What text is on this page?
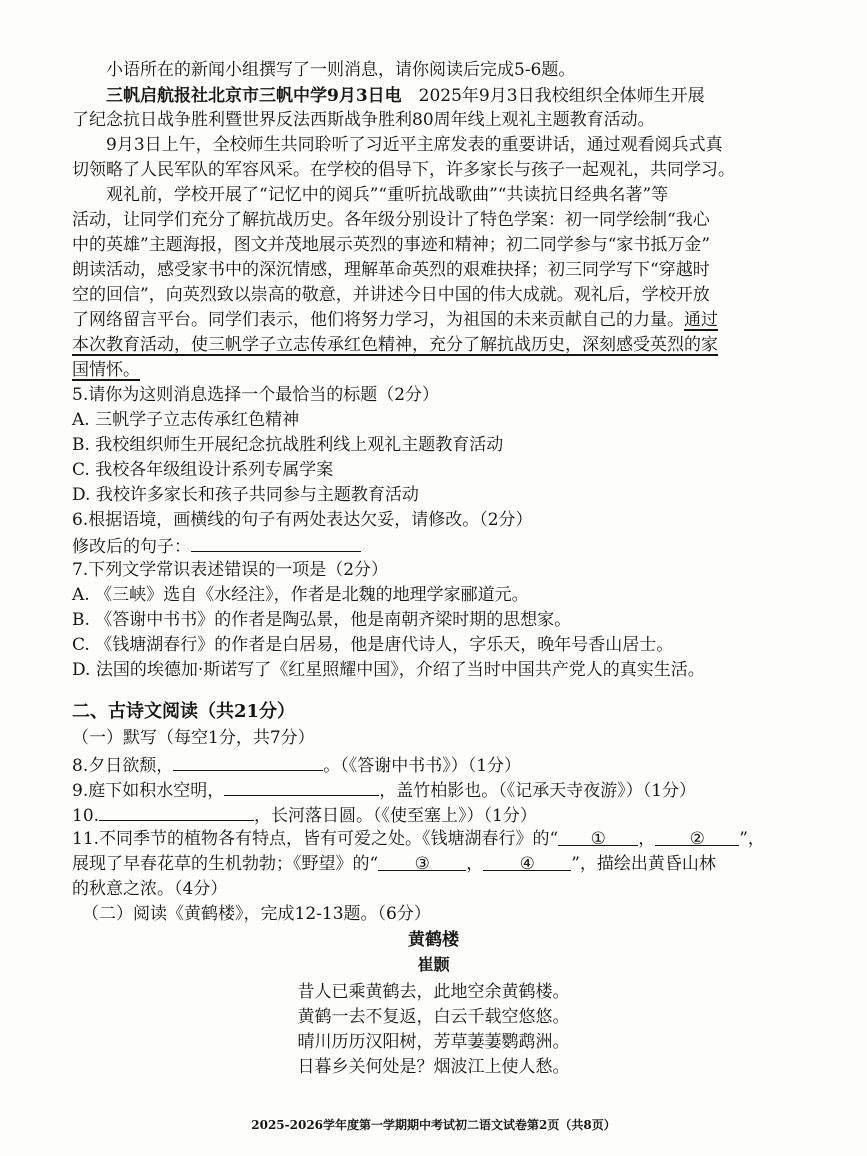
小语所在的新闻小组撰写了一则消息，请你阅读后完成5-6题。
三帆启航报社北京市三帆中学9月3日电　2025年9月3日我校组织全体师生开展
了纪念抗日战争胜利暨世界反法西斯战争胜利80周年线上观礼主题教育活动。
9月3日上午，全校师生共同聆听了习近平主席发表的重要讲话，通过观看阅兵式真
切领略了人民军队的军容风采。在学校的倡导下，许多家长与孩子一起观礼，共同学习。
观礼前，学校开展了“记忆中的阅兵”“重听抗战歌曲”“共读抗日经典名著”等
活动，让同学们充分了解抗战历史。各年级分别设计了特色学案：初一同学绘制“我心
中的英雄”主题海报，图文并茂地展示英烈的事迹和精神；初二同学参与“家书抵万金”
朗读活动，感受家书中的深沉情感，理解革命英烈的艰难抉择；初三同学写下“穿越时
空的回信”，向英烈致以崇高的敬意，并讲述今日中国的伟大成就。观礼后，学校开放
了网络留言平台。同学们表示，他们将努力学习，为祖国的未来贡献自己的力量。通过
本次教育活动，使三帆学子立志传承红色精神，充分了解抗战历史，深刻感受英烈的家
国情怀。
5.请你为这则消息选择一个最恰当的标题（2分）
A. 三帆学子立志传承红色精神
B. 我校组织师生开展纪念抗战胜利线上观礼主题教育活动
C. 我校各年级组设计系列专属学案
D. 我校许多家长和孩子共同参与主题教育活动
6.根据语境，画横线的句子有两处表达欠妥，请修改。（2分）
修改后的句子：
7.下列文学常识表述错误的一项是（2分）
A. 《三峡》选自《水经注》，作者是北魏的地理学家郦道元。
B. 《答谢中书书》的作者是陶弘景，他是南朝齐梁时期的思想家。
C. 《钱塘湖春行》的作者是白居易，他是唐代诗人，字乐天，晚年号香山居士。
D. 法国的埃德加·斯诺写了《红星照耀中国》，介绍了当时中国共产党人的真实生活。
二、古诗文阅读（共21分）
（一）默写（每空1分，共7分）
8.夕日欲颓，	。（《答谢中书书》）（1分）
9.庭下如积水空明，	，盖竹柏影也。（《记承天寺夜游》）（1分）
10.	，长河落日圆。（《使至塞上》）（1分）
11.不同季节的植物各有特点，皆有可爱之处。《钱塘湖春行》的“ ① ， ② ”，
展现了早春花草的生机勃勃；《野望》的“ ③ ， ④ ”，描绘出黄昏山林
的秋意之浓。（4分）
（二）阅读《黄鹤楼》，完成12-13题。（6分）
黄鹤楼
崔颢
昔人已乘黄鹤去，此地空余黄鹤楼。
黄鹤一去不复返，白云千载空悠悠。
晴川历历汉阳树，芳草萋萋鹦鹉洲。
日暮乡关何处是？烟波江上使人愁。
2025-2026学年度第一学期期中考试初二语文试卷第2页（共8页）
